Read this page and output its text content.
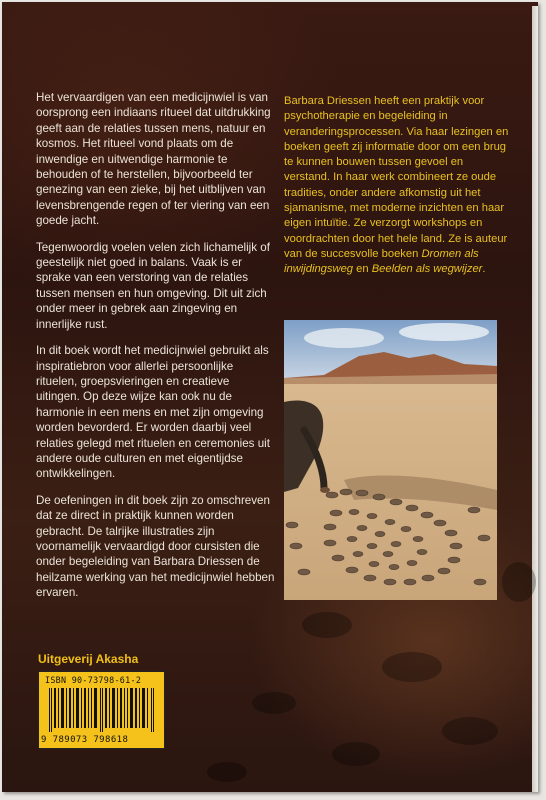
Het vervaardigen van een medicijnwiel is van oorsprong een indiaans ritueel dat uitdrukking geeft aan de relaties tussen mens, natuur en kosmos. Het ritueel vond plaats om de inwendige en uitwendige harmonie te behouden of te herstellen, bijvoorbeeld ter genezing van een zieke, bij het uitblijven van levensbrengende regen of ter viering van een goede jacht.

Tegenwoordig voelen velen zich lichamelijk of geestelijk niet goed in balans. Vaak is er sprake van een verstoring van de relaties tussen mensen en hun omgeving. Dit uit zich onder meer in gebrek aan zingeving en innerlijke rust.

In dit boek wordt het medicijnwiel gebruikt als inspiratiebron voor allerlei persoonlijke rituelen, groepsvieringen en creatieve uitingen. Op deze wijze kan ook nu de harmonie in een mens en met zijn omgeving worden bevorderd. Er worden daarbij veel relaties gelegd met rituelen en ceremonies uit andere oude culturen en met eigentijdse ontwikkelingen.

De oefeningen in dit boek zijn zo omschreven dat ze direct in praktijk kunnen worden gebracht. De talrijke illustraties zijn voornamelijk vervaardigd door cursisten die onder begeleiding van Barbara Driessen de heilzame werking van het medicijnwiel hebben ervaren.

Barbara Driessen heeft een praktijk voor psychotherapie en begeleiding in veranderingsprocessen. Via haar lezingen en boeken geeft zij informatie door om een brug te kunnen bouwen tussen gevoel en verstand. In haar werk combineert ze oude tradities, onder andere afkomstig uit het sjamanisme, met moderne inzichten en haar eigen intuïtie. Ze verzorgt workshops en voordrachten door het hele land. Ze is auteur van de succesvolle boeken Dromen als inwijdingsweg en Beelden als wegwijzer.

Uitgeverij Akasha
ISBN 90-73798-61-2
9 789073 798618
